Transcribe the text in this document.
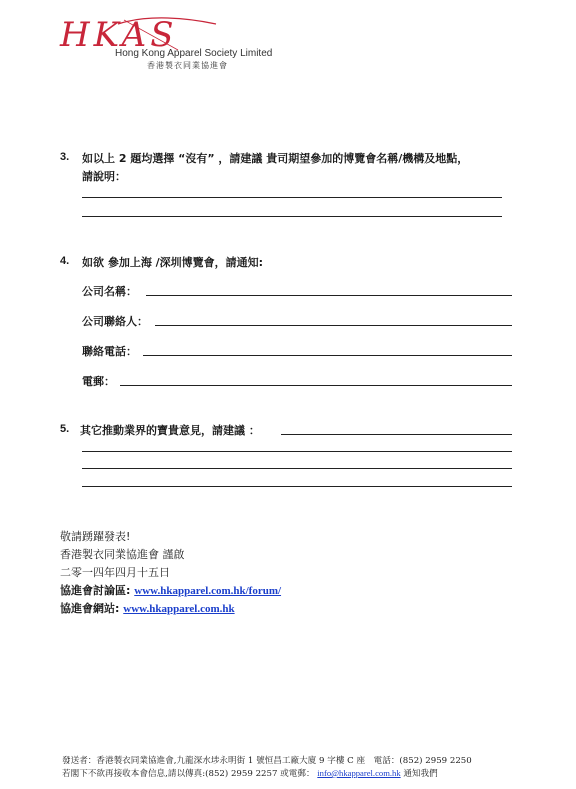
HKAS
Hong Kong Apparel Society Limited
香港製衣同業協進會
3. 如以上 2 題均選擇 “沒有” ，請建議 貴司期望參加的博覽會名稱/機構及地點，
請說明：
4. 如欲 參加上海 /深圳博覽會，請通知:
公司名稱：
公司聯絡人：
聯絡電話：
電郵：
5. 其它推動業界的寶貴意見，請建議 ：
敬請踴躍發表!
香港製衣同業協進會 謹啟
二零一四年四月十五日
協進會討論區: www.hkapparel.com.hk/forum/
協進會網站: www.hkapparel.com.hk
發送者：香港製衣同業協進會,九龍深水埗永明街 1 號恒昌工廠大廈 9 字樓 C 座　電話：(852) 2959 2250
若閣下不欲再接收本會信息,請以傳真:(852) 2959 2257 或電郵： info@hkapparel.com.hk 通知我們
